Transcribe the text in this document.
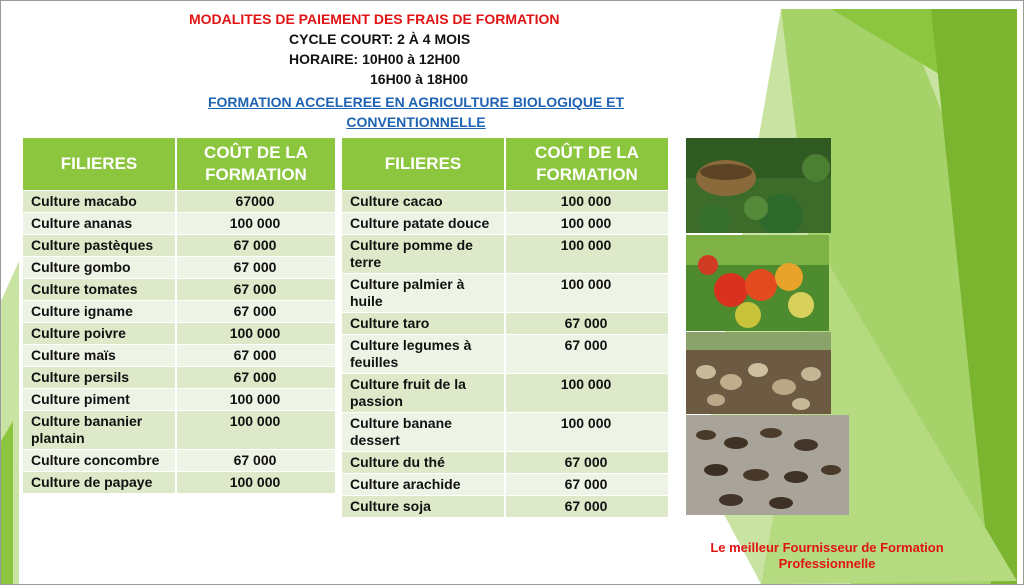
MODALITES DE PAIEMENT DES FRAIS DE FORMATION
CYCLE COURT: 2 À 4 MOIS
HORAIRE: 10H00 à 12H00
16H00 à 18H00
FORMATION ACCELEREE EN AGRICULTURE BIOLOGIQUE ET CONVENTIONNELLE
FILIERES	COÛT DE LA FORMATION
Culture macabo	67000
Culture ananas	100 000
Culture pastèques	67 000
Culture gombo	67 000
Culture tomates	67 000
Culture igname	67 000
Culture poivre	100 000
Culture maïs	67 000
Culture persils	67 000
Culture piment	100 000
Culture bananier plantain	100 000
Culture concombre	67 000
Culture de papaye	100 000
FILIERES	COÛT DE LA FORMATION
Culture cacao	100 000
Culture patate douce	100 000
Culture pomme de terre	100 000
Culture palmier à huile	100 000
Culture taro	67 000
Culture legumes à feuilles	67 000
Culture fruit de la passion	100 000
Culture banane dessert	100 000
Culture du thé	67 000
Culture arachide	67 000
Culture soja	67 000
Le meilleur Fournisseur de Formation
Professionnelle
